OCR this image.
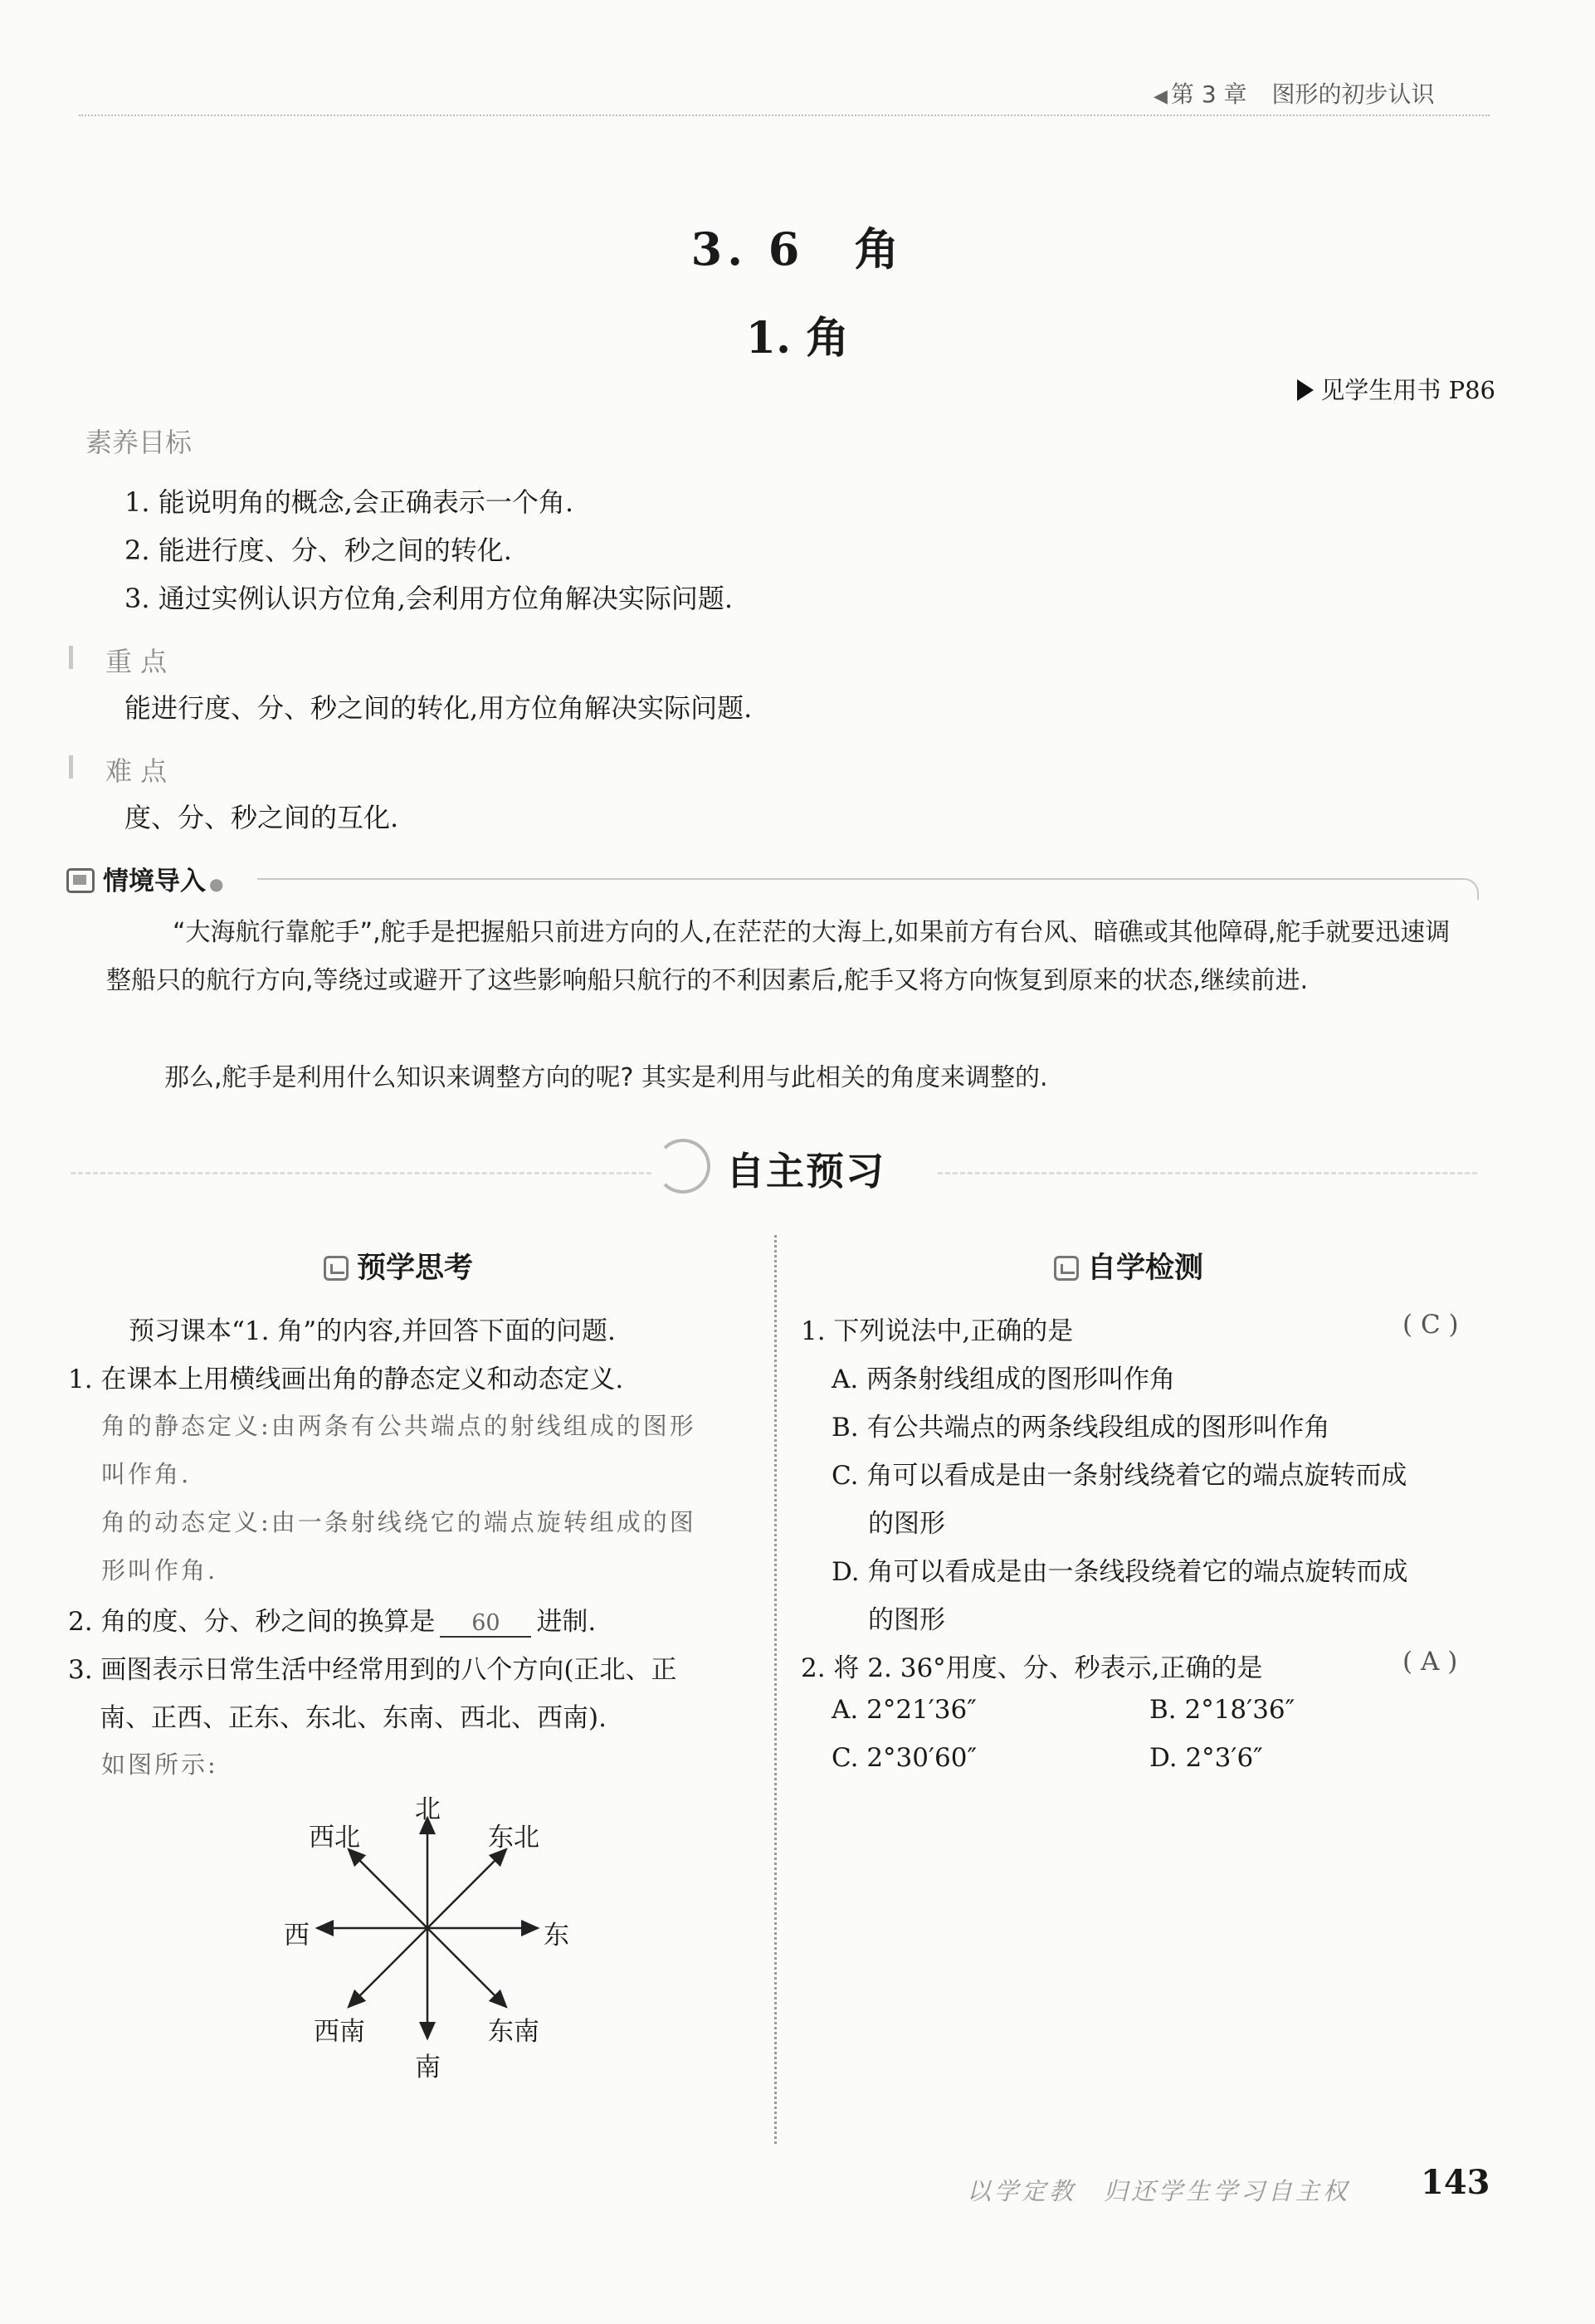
◀ 第 3 章 图形的初步认识
3. 6　角
1. 角
见学生用书 P86
素养目标
1. 能说明角的概念,会正确表示一个角.
2. 能进行度、分、秒之间的转化.
3. 通过实例认识方位角,会利用方位角解决实际问题.
重 点
能进行度、分、秒之间的转化,用方位角解决实际问题.
难 点
度、分、秒之间的互化.
情境导入 ●
“大海航行靠舵手”,舵手是把握船只前进方向的人,在茫茫的大海上,如果前方有台风、暗礁或其他障碍,舵手就要迅速调整船只的航行方向,等绕过或避开了这些影响船只航行的不利因素后,舵手又将方向恢复到原来的状态,继续前进.
那么,舵手是利用什么知识来调整方向的呢? 其实是利用与此相关的角度来调整的.
自主预习
预学思考	自学检测
预习课本“1. 角”的内容,并回答下面的问题.
1. 在课本上用横线画出角的静态定义和动态定义.
角的静态定义:由两条有公共端点的射线组成的图形
叫作角.
角的动态定义:由一条射线绕它的端点旋转组成的图
形叫作角.
2. 角的度、分、秒之间的换算是 60 进制.
3. 画图表示日常生活中经常用到的八个方向(正北、正
南、正西、正东、东北、东南、西北、西南).
如图所示:
北
南
东
西
东北
西北
东南
西南
1. 下列说法中,正确的是	( C )
A. 两条射线组成的图形叫作角
B. 有公共端点的两条线段组成的图形叫作角
C. 角可以看成是由一条射线绕着它的端点旋转而成
的图形
D. 角可以看成是由一条线段绕着它的端点旋转而成
的图形
2. 将 2. 36°用度、分、秒表示,正确的是	( A )
A. 2°21′36″	B. 2°18′36″
C. 2°30′60″	D. 2°3′6″
以学定教　归还学生学习自主权 143
